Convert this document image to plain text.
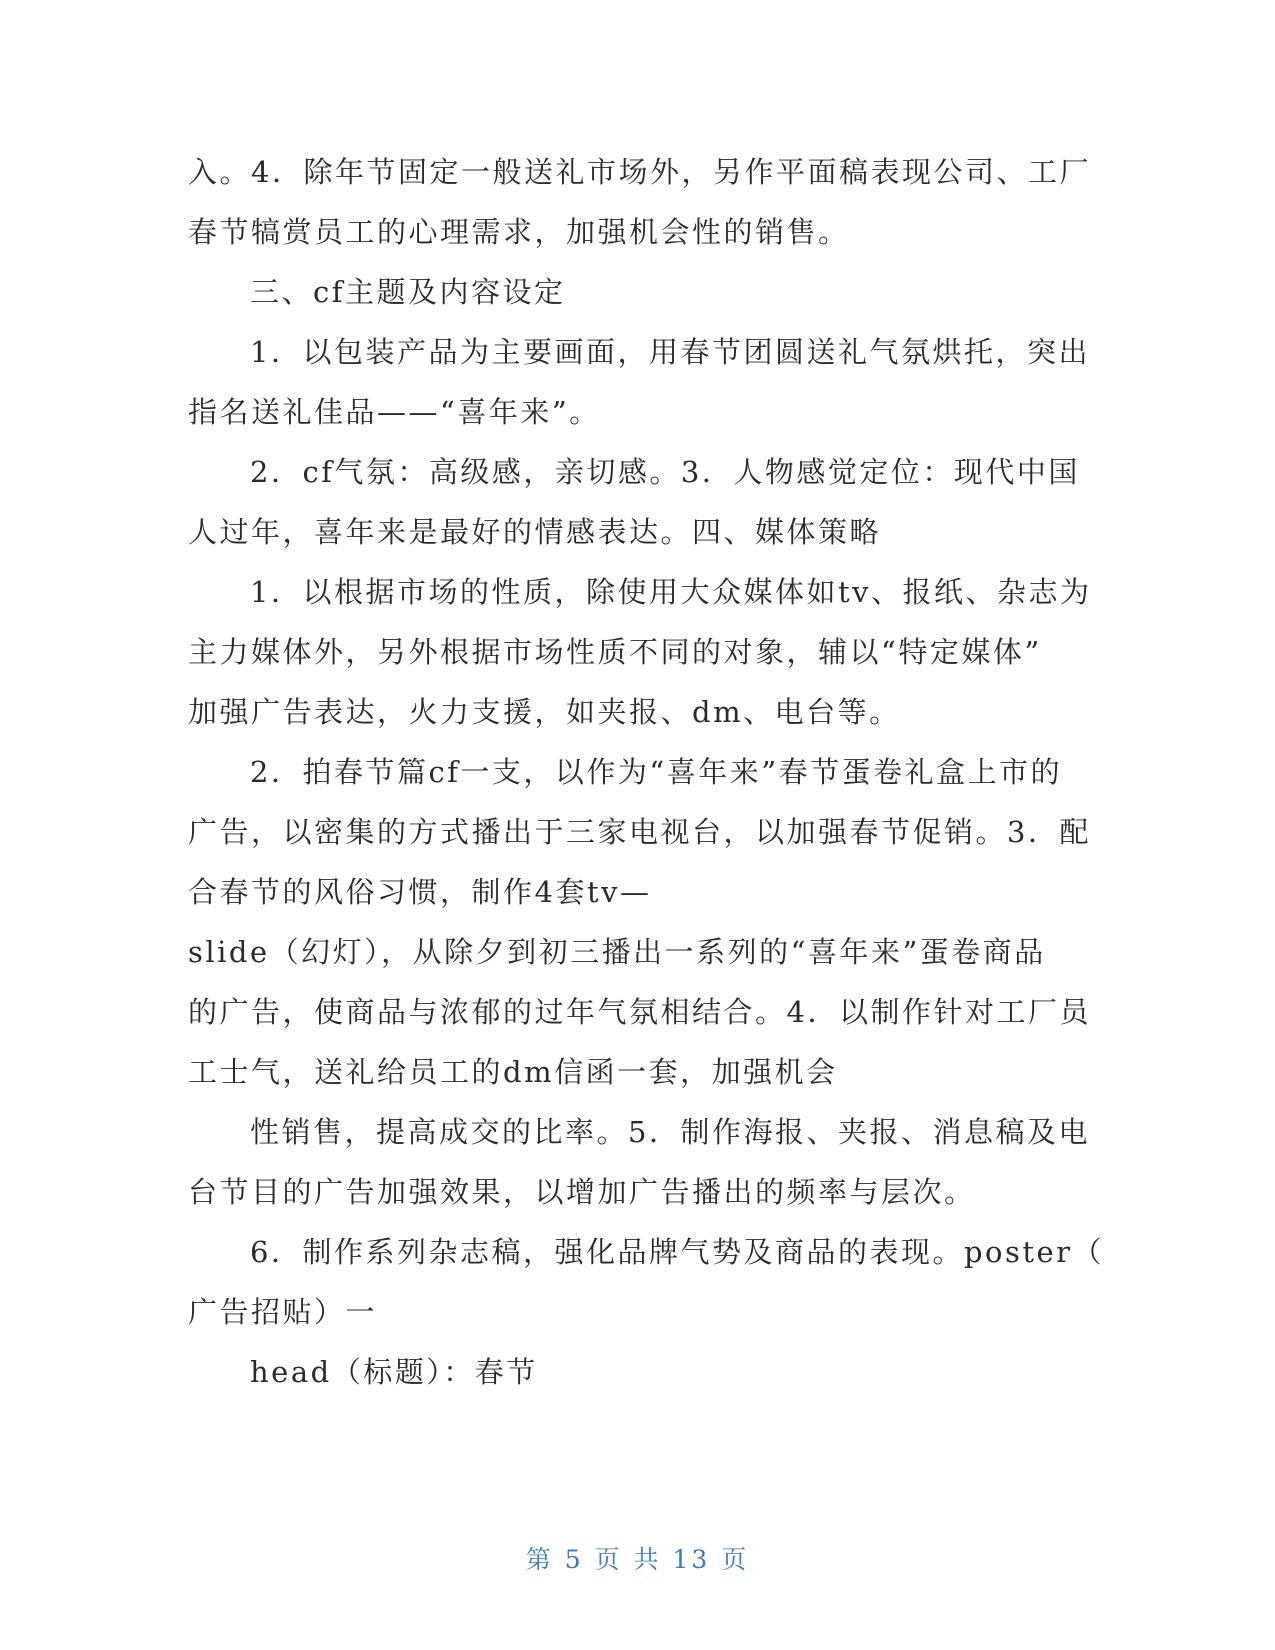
入。4．除年节固定一般送礼市场外，另作平面稿表现公司、工厂
春节犒赏员工的心理需求，加强机会性的销售。
三、cf主题及内容设定
1．以包装产品为主要画面，用春节团圆送礼气氛烘托，突出
指名送礼佳品——“喜年来”。
2．cf气氛：高级感，亲切感。3．人物感觉定位：现代中国
人过年，喜年来是最好的情感表达。四、媒体策略
1．以根据市场的性质，除使用大众媒体如tv、报纸、杂志为
主力媒体外，另外根据市场性质不同的对象，辅以“特定媒体”
加强广告表达，火力支援，如夹报、dm、电台等。
2．拍春节篇cf一支，以作为“喜年来”春节蛋卷礼盒上市的
广告，以密集的方式播出于三家电视台，以加强春节促销。3．配
合春节的风俗习惯，制作4套tv—
slide（幻灯），从除夕到初三播出一系列的“喜年来”蛋卷商品
的广告，使商品与浓郁的过年气氛相结合。4．以制作针对工厂员
工士气，送礼给员工的dm信函一套，加强机会
性销售，提高成交的比率。5．制作海报、夹报、消息稿及电
台节目的广告加强效果，以增加广告播出的频率与层次。
6．制作系列杂志稿，强化品牌气势及商品的表现。poster（
广告招贴）一
head（标题）：春节
第 5 页 共 13 页
